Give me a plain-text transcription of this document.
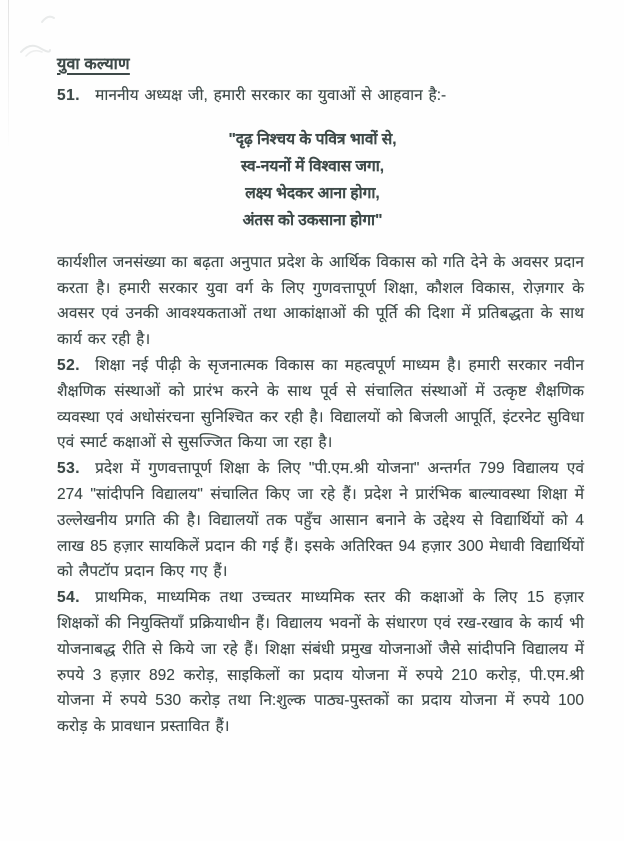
युवा कल्याण

51. माननीय अध्यक्ष जी, हमारी सरकार का युवाओं से आहवान है:-

"दृढ़ निश्चय के पवित्र भावों से,
स्व-नयनों में विश्वास जगा,
लक्ष्य भेदकर आना होगा,
अंतस को उकसाना होगा"

कार्यशील जनसंख्या का बढ़ता अनुपात प्रदेश के आर्थिक विकास को गति देने के अवसर प्रदान करता है। हमारी सरकार युवा वर्ग के लिए गुणवत्तापूर्ण शिक्षा, कौशल विकास, रोज़गार के अवसर एवं उनकी आवश्यकताओं तथा आकांक्षाओं की पूर्ति की दिशा में प्रतिबद्धता के साथ कार्य कर रही है।

52. शिक्षा नई पीढ़ी के सृजनात्मक विकास का महत्वपूर्ण माध्यम है। हमारी सरकार नवीन शैक्षणिक संस्थाओं को प्रारंभ करने के साथ पूर्व से संचालित संस्थाओं में उत्कृष्ट शैक्षणिक व्यवस्था एवं अधोसंरचना सुनिश्चित कर रही है। विद्यालयों को बिजली आपूर्ति, इंटरनेट सुविधा एवं स्मार्ट कक्षाओं से सुसज्जित किया जा रहा है।

53. प्रदेश में गुणवत्तापूर्ण शिक्षा के लिए "पी.एम.श्री योजना" अन्तर्गत 799 विद्यालय एवं 274 "सांदीपनि विद्यालय" संचालित किए जा रहे हैं। प्रदेश ने प्रारंभिक बाल्यावस्था शिक्षा में उल्लेखनीय प्रगति की है। विद्यालयों तक पहुँच आसान बनाने के उद्देश्य से विद्यार्थियों को 4 लाख 85 हज़ार सायकिलें प्रदान की गई हैं। इसके अतिरिक्त 94 हज़ार 300 मेधावी विद्यार्थियों को लैपटॉप प्रदान किए गए हैं।

54. प्राथमिक, माध्यमिक तथा उच्चतर माध्यमिक स्तर की कक्षाओं के लिए 15 हज़ार शिक्षकों की नियुक्तियाँ प्रक्रियाधीन हैं। विद्यालय भवनों के संधारण एवं रख-रखाव के कार्य भी योजनाबद्ध रीति से किये जा रहे हैं। शिक्षा संबंधी प्रमुख योजनाओं जैसे सांदीपनि विद्यालय में रुपये 3 हज़ार 892 करोड़, साइकिलों का प्रदाय योजना में रुपये 210 करोड़, पी.एम.श्री योजना में रुपये 530 करोड़ तथा नि:शुल्क पाठ्य-पुस्तकों का प्रदाय योजना में रुपये 100 करोड़ के प्रावधान प्रस्तावित हैं।
